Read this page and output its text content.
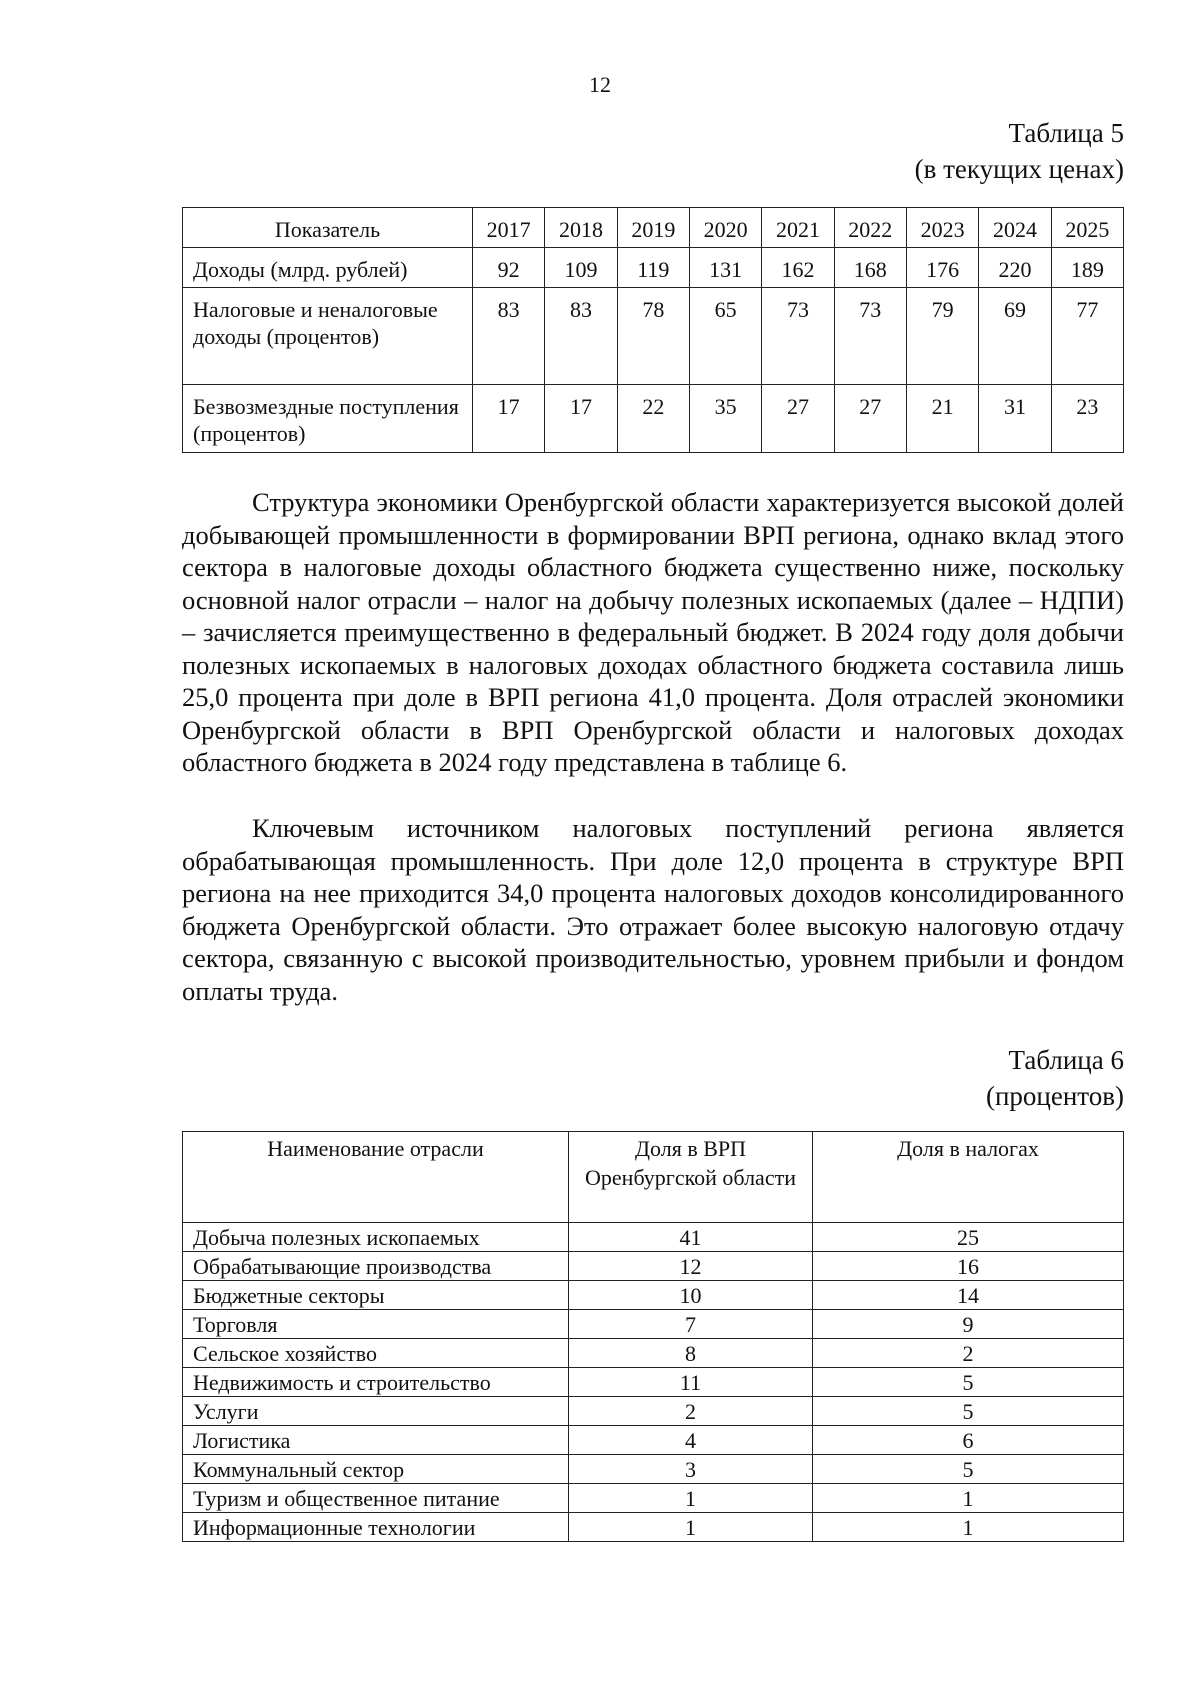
12
Таблица 5
(в текущих ценах)
Показатель	2017	2018	2019	2020	2021	2022	2023	2024	2025
Доходы (млрд. рублей)	92	109	119	131	162	168	176	220	189
Налоговые и неналоговые доходы (процентов)	83	83	78	65	73	73	79	69	77
Безвозмездные поступления (процентов)	17	17	22	35	27	27	21	31	23

Структура экономики Оренбургской области характеризуется высокой долей добывающей промышленности в формировании ВРП региона, однако вклад этого сектора в налоговые доходы областного бюджета существенно ниже, поскольку основной налог отрасли – налог на добычу полезных ископаемых (далее – НДПИ) – зачисляется преимущественно в федеральный бюджет. В 2024 году доля добычи полезных ископаемых в налоговых доходах областного бюджета составила лишь 25,0 процента при доле в ВРП региона 41,0 процента. Доля отраслей экономики Оренбургской области в ВРП Оренбургской области и налоговых доходах областного бюджета в 2024 году представлена в таблице 6.

Ключевым источником налоговых поступлений региона является обрабатывающая промышленность. При доле 12,0 процента в структуре ВРП региона на нее приходится 34,0 процента налоговых доходов консолидированного бюджета Оренбургской области. Это отражает более высокую налоговую отдачу сектора, связанную с высокой производительностью, уровнем прибыли и фондом оплаты труда.

Таблица 6
(процентов)
Наименование отрасли	Доля в ВРП Оренбургской области	Доля в налогах
Добыча полезных ископаемых	41	25
Обрабатывающие производства	12	16
Бюджетные секторы	10	14
Торговля	7	9
Сельское хозяйство	8	2
Недвижимость и строительство	11	5
Услуги	2	5
Логистика	4	6
Коммунальный сектор	3	5
Туризм и общественное питание	1	1
Информационные технологии	1	1
